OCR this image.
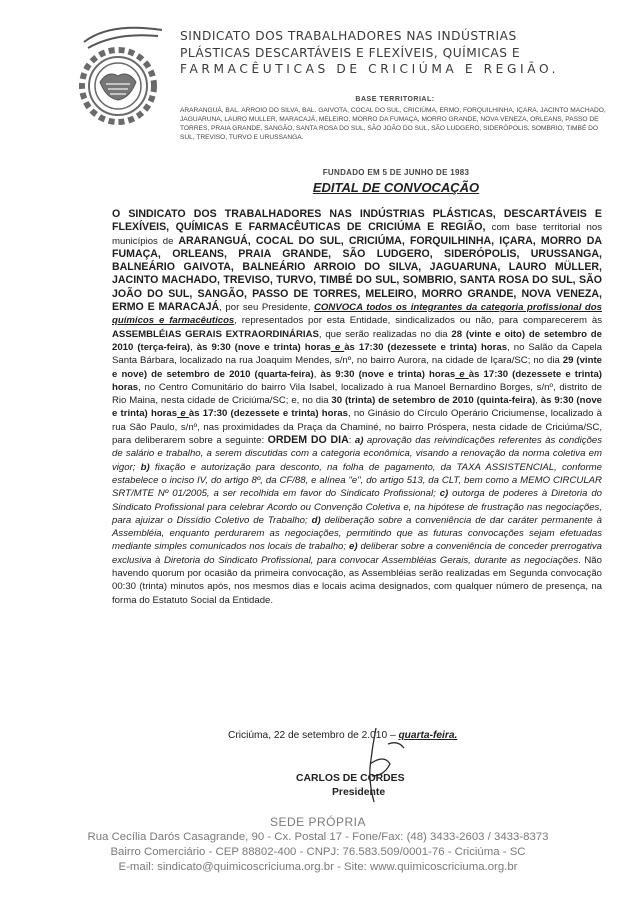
SINDICATO DOS TRABALHADORES NAS INDÚSTRIAS
PLÁSTICAS DESCARTÁVEIS E FLEXÍVEIS, QUÍMICAS E
FARMACÊUTICAS DE CRICIÚMA E REGIÃO.
BASE TERRITORIAL:

ARARANGUÁ, BAL. ARROIO DO SILVA, BAL. GAIVOTA, COCAL DO SUL, CRICIÚMA, ERMO, FORQUILHINHA, IÇARA, JACINTO MACHADO, JAGUARUNA, LAURO MULLER, MARACAJÁ, MELEIRO, MORRO DA FUMAÇA, MORRO GRANDE, NOVA VENEZA, ORLEANS, PASSO DE TORRES, PRAIA GRANDE, SANGÃO, SANTA ROSA DO SUL, SÃO JOÃO DO SUL, SÃO LUDGERO, SIDERÓPOLIS, SOMBRIO, TIMBÉ DO SUL, TREVISO, TURVO E URUSSANGA.

FUNDADO EM 5 DE JUNHO DE 1983
EDITAL DE CONVOCAÇÃO

O SINDICATO DOS TRABALHADORES NAS INDÚSTRIAS PLÁSTICAS, DESCARTÁVEIS E FLEXÍVEIS, QUÍMICAS E FARMACÊUTICAS DE CRICIÚMA E REGIÃO, com base territorial nos municípios de ARARANGUÁ, COCAL DO SUL, CRICIÚMA, FORQUILHINHA, IÇARA, MORRO DA FUMAÇA, ORLEANS, PRAIA GRANDE, SÃO LUDGERO, SIDERÓPOLIS, URUSSANGA, BALNEÁRIO GAIVOTA, BALNEÁRIO ARROIO DO SILVA, JAGUARUNA, LAURO MÜLLER, JACINTO MACHADO, TREVISO, TURVO, TIMBÉ DO SUL, SOMBRIO, SANTA ROSA DO SUL, SÃO JOÃO DO SUL, SANGÃO, PASSO DE TORRES, MELEIRO, MORRO GRANDE, NOVA VENEZA, ERMO E MARACAJÁ, por seu Presidente, CONVOCA todos os integrantes da categoria profissional dos químicos e farmacêuticos, representados por esta Entidade, sindicalizados ou não, para comparecerem às ASSEMBLÉIAS GERAIS EXTRAORDINÁRIAS, que serão realizadas no dia 28 (vinte e oito) de setembro de 2010 (terça-feira), às 9:30 (nove e trinta) horas e às 17:30 (dezessete e trinta) horas, no Salão da Capela Santa Bárbara, localizado na rua Joaquim Mendes, s/nº, no bairro Aurora, na cidade de Içara/SC; no dia 29 (vinte e nove) de setembro de 2010 (quarta-feira), às 9:30 (nove e trinta) horas e às 17:30 (dezessete e trinta) horas, no Centro Comunitário do bairro Vila Isabel, localizado à rua Manoel Bernardino Borges, s/nº, distrito de Rio Maina, nesta cidade de Criciúma/SC; e, no dia 30 (trinta) de setembro de 2010 (quinta-feira), às 9:30 (nove e trinta) horas e às 17:30 (dezessete e trinta) horas, no Ginásio do Círculo Operário Criciumense, localizado à rua São Paulo, s/nº, nas proximidades da Praça da Chaminé, no bairro Próspera, nesta cidade de Criciúma/SC, para deliberarem sobre a seguinte: ORDEM DO DIA: a) aprovação das reivindicações referentes às condições de salário e trabalho, a serem discutidas com a categoria econômica, visando a renovação da norma coletiva em vigor; b) fixação e autorização para desconto, na folha de pagamento, da TAXA ASSISTENCIAL, conforme estabelece o inciso IV, do artigo 8º, da CF/88, e alínea "e", do artigo 513, da CLT, bem como a MEMO CIRCULAR SRT/MTE Nº 01/2005, a ser recolhida em favor do Sindicato Profissional; c) outorga de poderes à Diretoria do Sindicato Profissional para celebrar Acordo ou Convenção Coletiva e, na hipótese de frustração nas negociações, para ajuizar o Dissídio Coletivo de Trabalho; d) deliberação sobre a conveniência de dar caráter permanente à Assembléia, enquanto perdurarem as negociações, permitindo que as futuras convocações sejam efetuadas mediante simples comunicados nos locais de trabalho; e) deliberar sobre a conveniência de conceder prerrogativa exclusiva à Diretoria do Sindicato Profissional, para convocar Assembléias Gerais, durante as negociações. Não havendo quorum por ocasião da primeira convocação, as Assembléias serão realizadas em Segunda convocação 00:30 (trinta) minutos após, nos mesmos dias e locais acima designados, com qualquer número de presença, na forma do Estatuto Social da Entidade.

Criciúma, 22 de setembro de 2.010 – quarta-feira.
CARLOS DE CORDES
Presidente
SEDE PRÓPRIA
Rua Cecília Darós Casagrande, 90 - Cx. Postal 17 - Fone/Fax: (48) 3433-2603 / 3433-8373
Bairro Comerciário - CEP 88802-400 - CNPJ: 76.583.509/0001-76 - Criciúma - SC
E-mail: sindicato@quimicoscriciuma.org.br - Site: www.quimicoscriciuma.org.br
